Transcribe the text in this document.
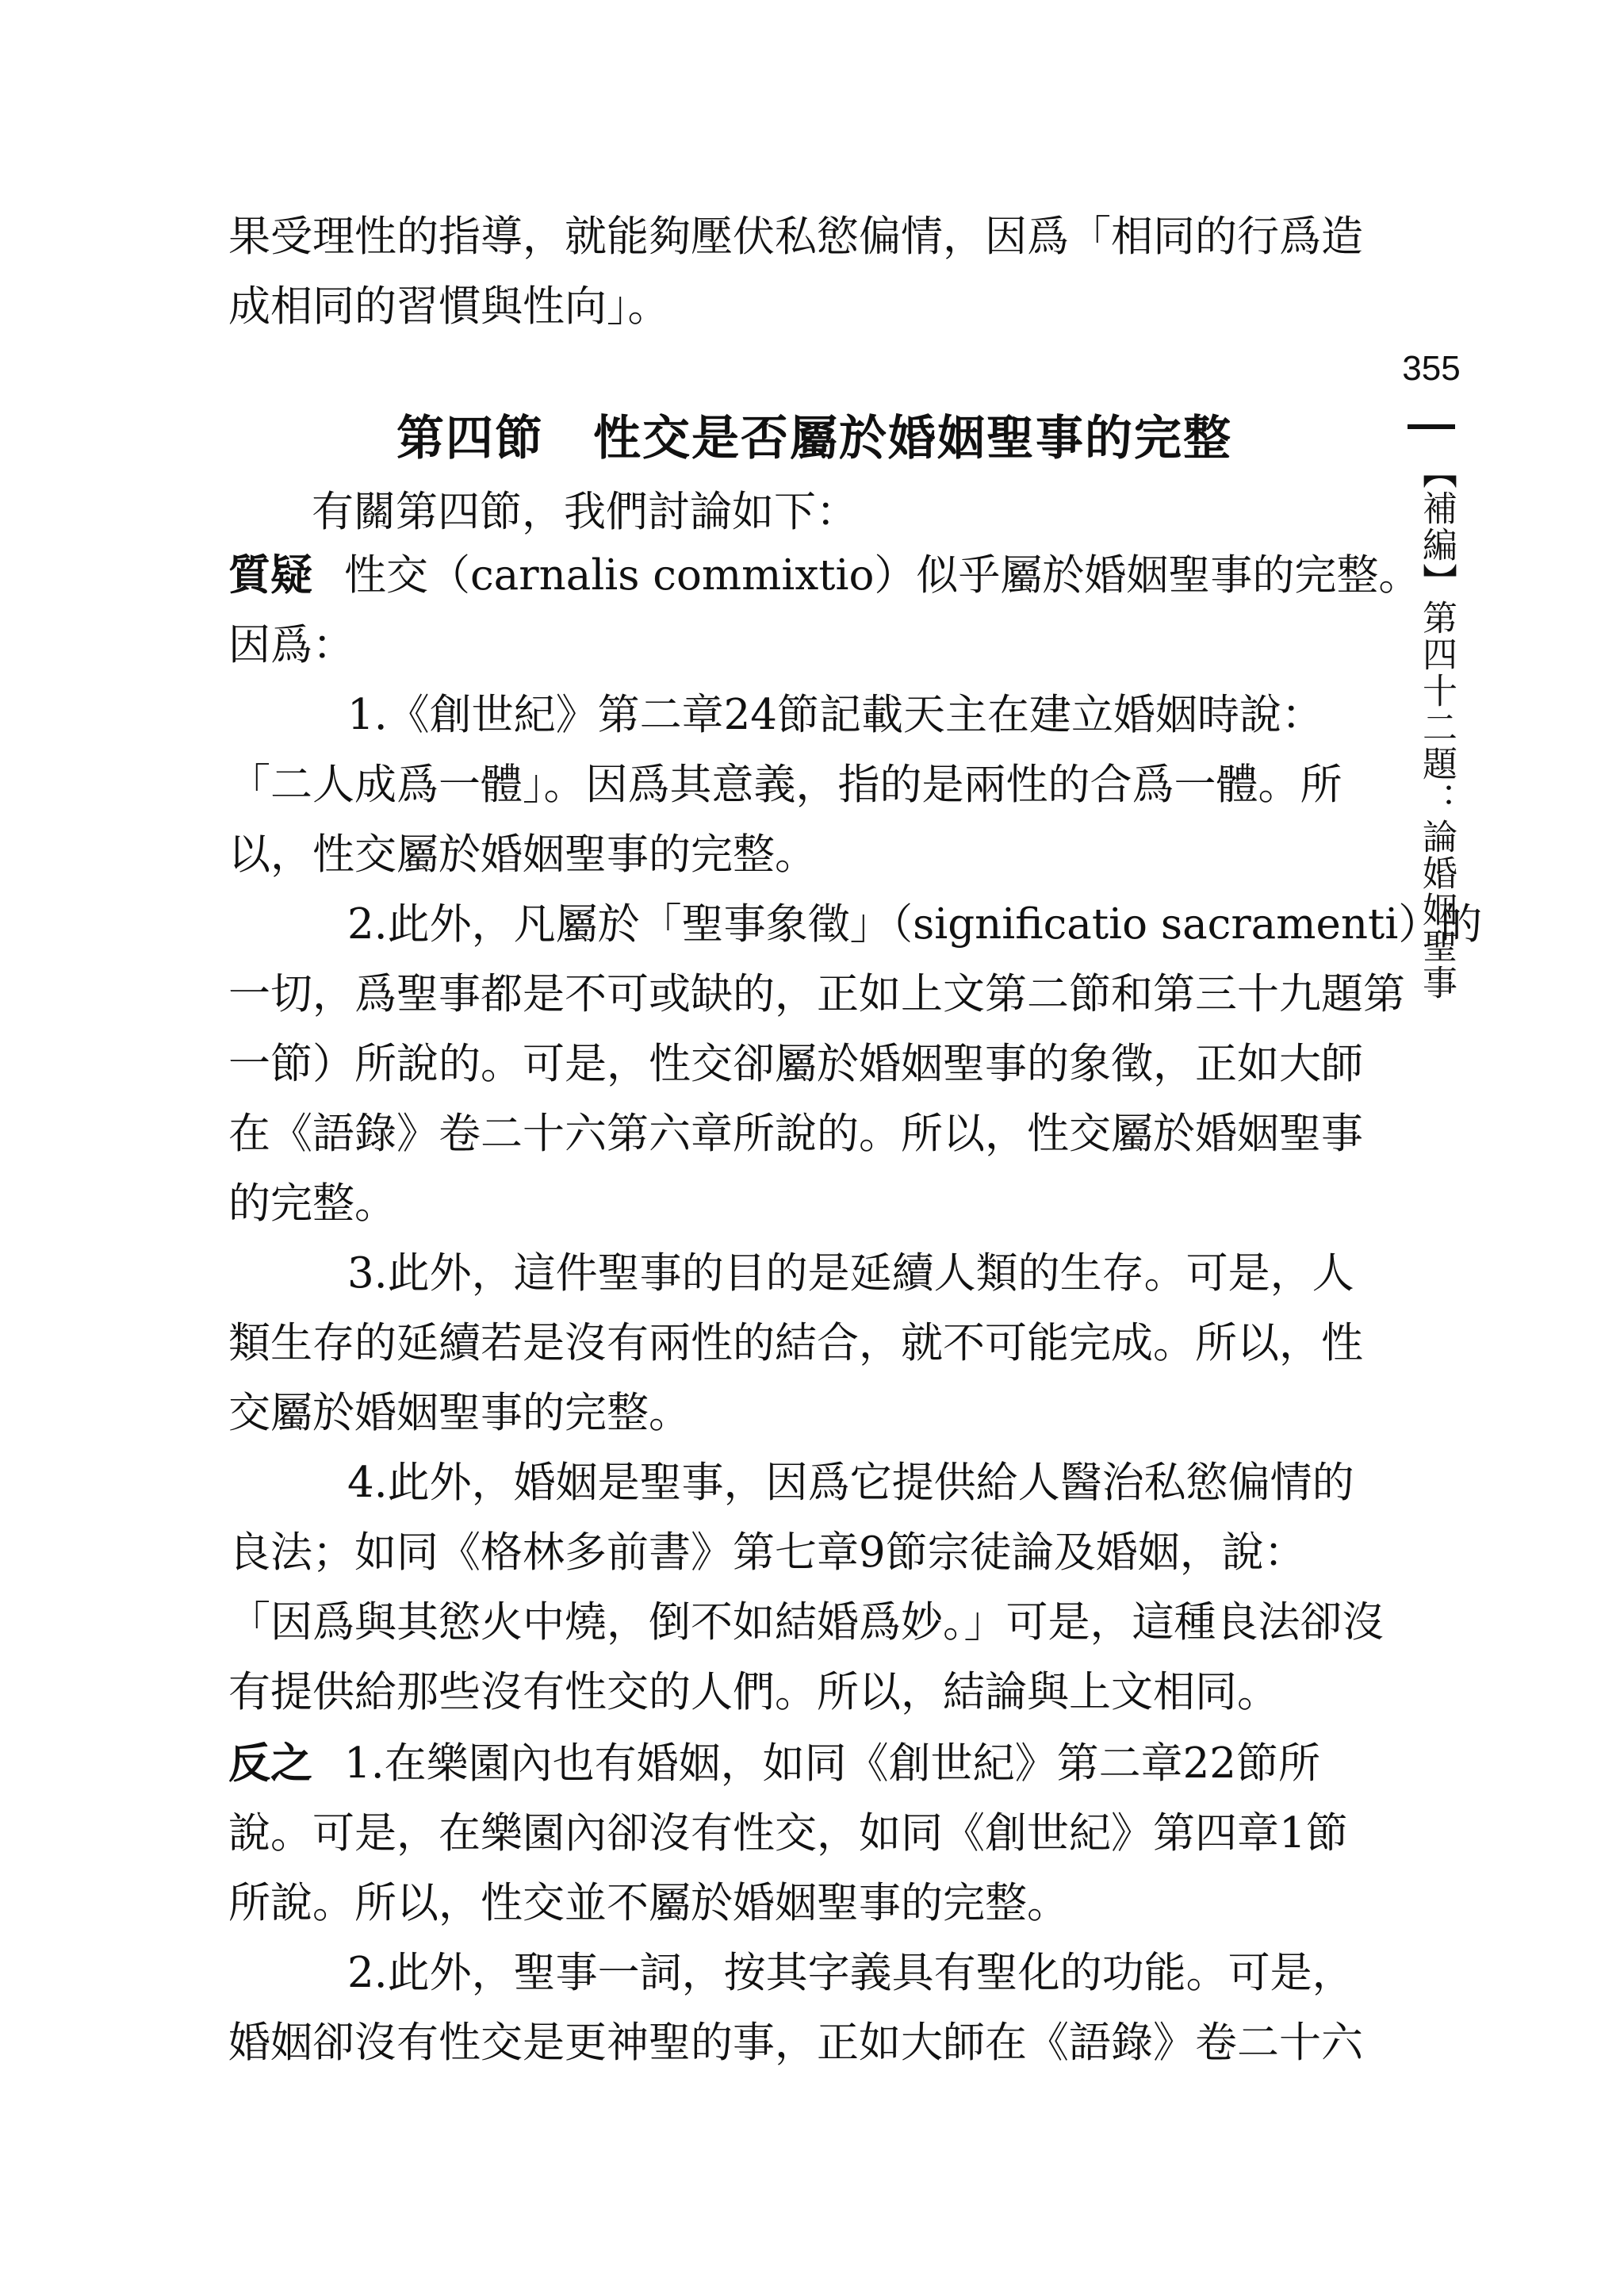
355
【補編】第四十二題：論婚姻聖事
果受理性的指導，就能夠壓伏私慾偏情，因爲「相同的行爲造
成相同的習慣與性向」。
第四節　性交是否屬於婚姻聖事的完整
有關第四節，我們討論如下：
質疑 性交（carnalis commixtio）似乎屬於婚姻聖事的完整。
因爲：
1.《創世紀》第二章24節記載天主在建立婚姻時說：
「二人成爲一體」。因爲其意義，指的是兩性的合爲一體。所
以，性交屬於婚姻聖事的完整。
2.此外，凡屬於「聖事象徵」（significatio sacramenti）的
一切，爲聖事都是不可或缺的，正如上文第二節和第三十九題第
一節）所說的。可是，性交卻屬於婚姻聖事的象徵，正如大師
在《語錄》卷二十六第六章所說的。所以，性交屬於婚姻聖事
的完整。
3.此外，這件聖事的目的是延續人類的生存。可是，人
類生存的延續若是沒有兩性的結合，就不可能完成。所以，性
交屬於婚姻聖事的完整。
4.此外，婚姻是聖事，因爲它提供給人醫治私慾偏情的
良法；如同《格林多前書》第七章9節宗徒論及婚姻，說：
「因爲與其慾火中燒，倒不如結婚爲妙。」可是，這種良法卻沒
有提供給那些沒有性交的人們。所以，結論與上文相同。
反之 1.在樂園內也有婚姻，如同《創世紀》第二章22節所
說。可是，在樂園內卻沒有性交，如同《創世紀》第四章1節
所說。所以，性交並不屬於婚姻聖事的完整。
2.此外，聖事一詞，按其字義具有聖化的功能。可是，
婚姻卻沒有性交是更神聖的事，正如大師在《語錄》卷二十六
